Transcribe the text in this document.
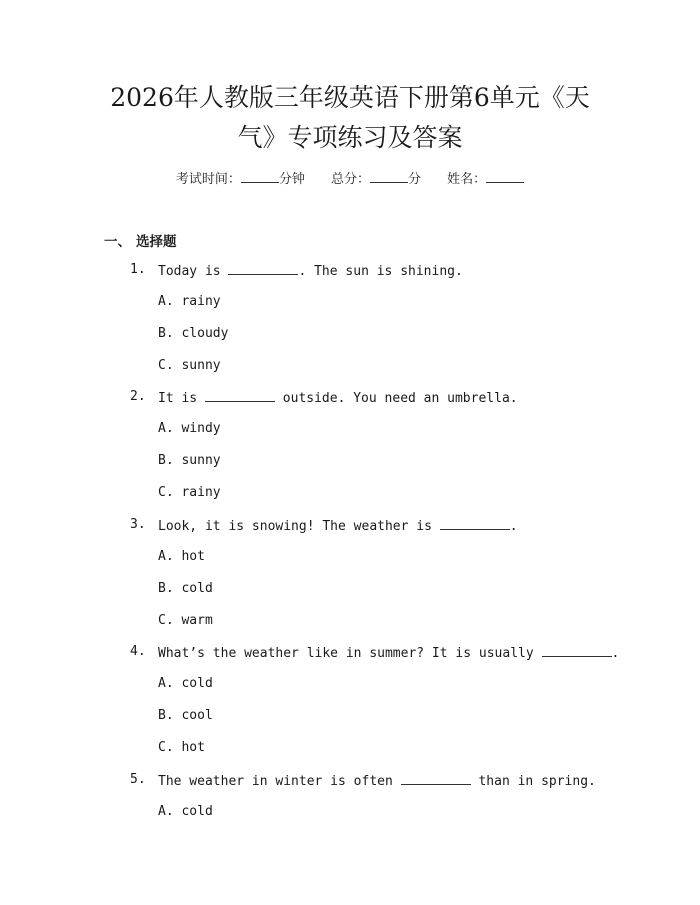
2026年人教版三年级英语下册第6单元《天
气》专项练习及答案
考试时间：	分钟 总分：	分 姓名：
一、 选择题
1. Today is	. The sun is shining.
A. rainy
B. cloudy
C. sunny
2. It is	outside. You need an umbrella.
A. windy
B. sunny
C. rainy
3. Look, it is snowing! The weather is	.
A. hot
B. cold
C. warm
4. What’s the weather like in summer? It is usually	.
A. cold
B. cool
C. hot
5. The weather in winter is often	than in spring.
A. cold
